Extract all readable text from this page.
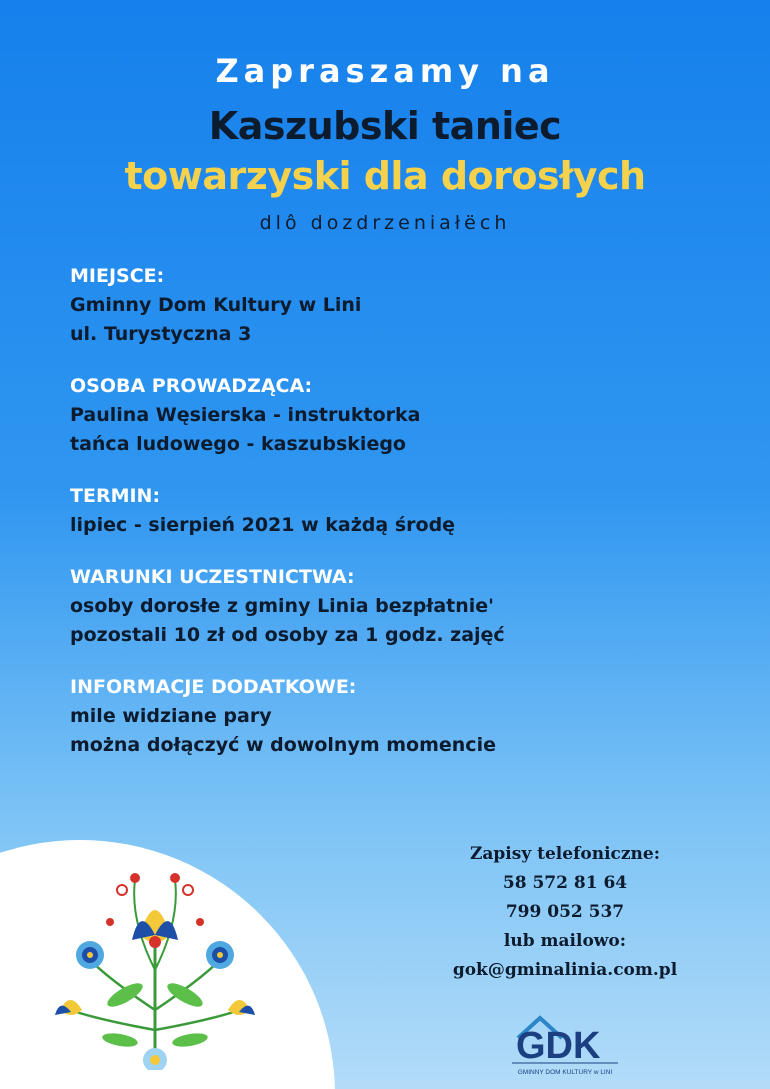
Zapraszamy na
Kaszubski taniec
towarzyski dla dorosłych
dlô dozdrzeniałëch
MIEJSCE:
Gminny Dom Kultury w Lini
ul. Turystyczna 3
OSOBA PROWADZĄCA:
Paulina Węsierska - instruktorka
tańca ludowego - kaszubskiego
TERMIN:
lipiec - sierpień 2021 w każdą środę
WARUNKI UCZESTNICTWA:
osoby dorosłe z gminy Linia bezpłatnie'
pozostali 10 zł od osoby za 1 godz. zajęć
INFORMACJE DODATKOWE:
mile widziane pary
można dołączyć w dowolnym momencie
Zapisy telefoniczne:
58 572 81 64
799 052 537
lub mailowo:
gok@gminalinia.com.pl
GDK
GMINNY DOM KULTURY w LINI
